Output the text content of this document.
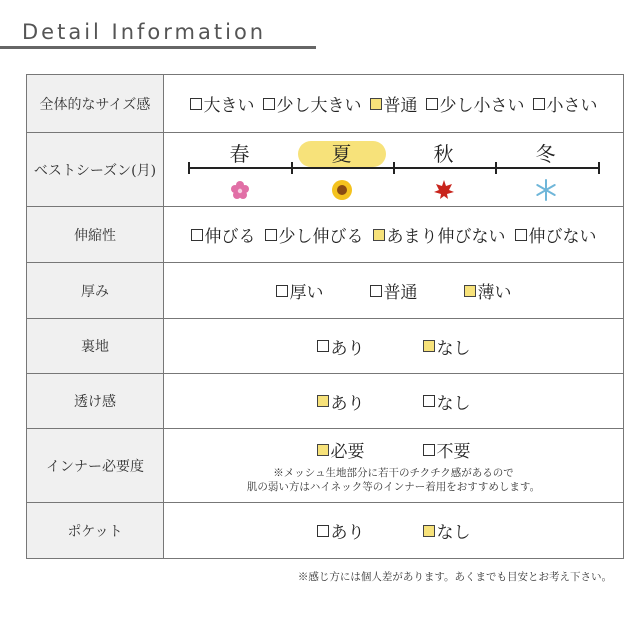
Detail Information
全体的なサイズ感	大きい 少し大きい 普通 少し小さい 小さい

ベストシーズン(月)	春 夏 秋 冬

伸縮性	伸びる 少し伸びる あまり伸びない 伸びない

厚み	厚い 普通 薄い

裏地	あり なし

透け感	あり なし

インナー必要度	必要 不要
※メッシュ生地部分に若干のチクチク感があるので
肌の弱い方はハイネック等のインナー着用をおすすめします。

ポケット	あり なし
※感じ方には個人差があります。あくまでも目安とお考え下さい。
